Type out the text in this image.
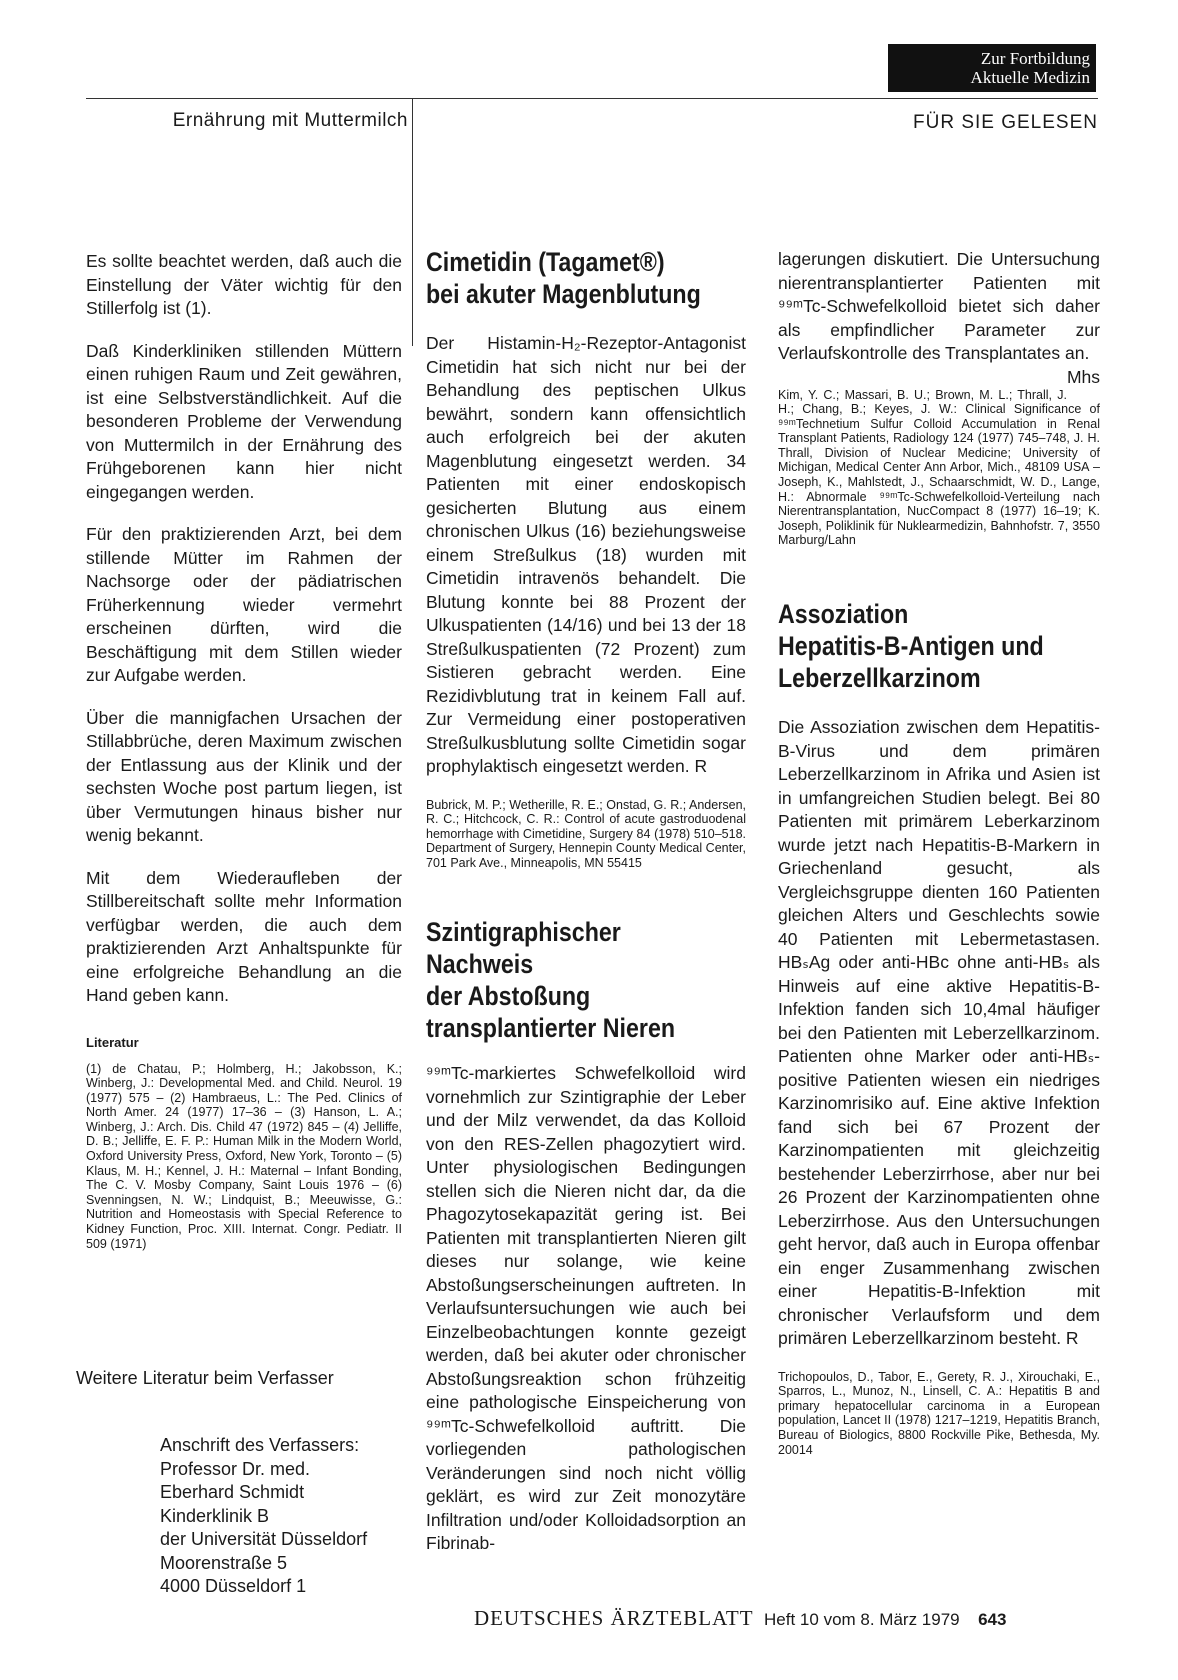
Zur Fortbildung
Aktuelle Medizin
Ernährung mit Muttermilch	FÜR SIE GELESEN

Es sollte beachtet werden, daß auch die Einstellung der Väter wichtig für den Stillerfolg ist (1).

Daß Kinderkliniken stillenden Müttern einen ruhigen Raum und Zeit gewähren, ist eine Selbstverständlichkeit. Auf die besonderen Probleme der Verwendung von Muttermilch in der Ernährung des Frühgeborenen kann hier nicht eingegangen werden.

Für den praktizierenden Arzt, bei dem stillende Mütter im Rahmen der Nachsorge oder der pädiatrischen Früherkennung wieder vermehrt erscheinen dürften, wird die Beschäftigung mit dem Stillen wieder zur Aufgabe werden.

Über die mannigfachen Ursachen der Stillabbrüche, deren Maximum zwischen der Entlassung aus der Klinik und der sechsten Woche post partum liegen, ist über Vermutungen hinaus bisher nur wenig bekannt.

Mit dem Wiederaufleben der Stillbereitschaft sollte mehr Information verfügbar werden, die auch dem praktizierenden Arzt Anhaltspunkte für eine erfolgreiche Behandlung an die Hand geben kann.

Literatur

(1) de Chatau, P.; Holmberg, H.; Jakobsson, K.; Winberg, J.: Developmental Med. and Child. Neurol. 19 (1977) 575 – (2) Hambraeus, L.: The Ped. Clinics of North Amer. 24 (1977) 17–36 – (3) Hanson, L. A.; Winberg, J.: Arch. Dis. Child 47 (1972) 845 – (4) Jelliffe, D. B.; Jelliffe, E. F. P.: Human Milk in the Modern World, Oxford University Press, Oxford, New York, Toronto – (5) Klaus, M. H.; Kennel, J. H.: Maternal – Infant Bonding, The C. V. Mosby Company, Saint Louis 1976 – (6) Svenningsen, N. W.; Lindquist, B.; Meeuwisse, G.: Nutrition and Homeostasis with Special Reference to Kidney Function, Proc. XIII. Internat. Congr. Pediatr. II 509 (1971)

Weitere Literatur beim Verfasser
Anschrift des Verfassers:
Professor Dr. med.
Eberhard Schmidt
Kinderklinik B
der Universität Düsseldorf
Moorenstraße 5
4000 Düsseldorf 1

Cimetidin (Tagamet®)

bei akuter Magenblutung

Der Histamin-H₂-Rezeptor-Antagonist Cimetidin hat sich nicht nur bei der Behandlung des peptischen Ulkus bewährt, sondern kann offensichtlich auch erfolgreich bei der akuten Magenblutung eingesetzt werden. 34 Patienten mit einer endoskopisch gesicherten Blutung aus einem chronischen Ulkus (16) beziehungsweise einem Streßulkus (18) wurden mit Cimetidin intravenös behandelt. Die Blutung konnte bei 88 Prozent der Ulkuspatienten (14/16) und bei 13 der 18 Streßulkuspatienten (72 Prozent) zum Sistieren gebracht werden. Eine Rezidivblutung trat in keinem Fall auf. Zur Vermeidung einer postoperativen Streßulkusblutung sollte Cimetidin sogar prophylaktisch eingesetzt werden. R

Bubrick, M. P.; Wetherille, R. E.; Onstad, G. R.; Andersen, R. C.; Hitchcock, C. R.: Control of acute gastroduodenal hemorrhage with Cimetidine, Surgery 84 (1978) 510–518. Department of Surgery, Hennepin County Medical Center, 701 Park Ave., Minneapolis, MN 55415

Szintigraphischer

Nachweis

der Abstoßung

transplantierter Nieren

⁹⁹ᵐTc-markiertes Schwefelkolloid wird vornehmlich zur Szintigraphie der Leber und der Milz verwendet, da das Kolloid von den RES-Zellen phagozytiert wird. Unter physiologischen Bedingungen stellen sich die Nieren nicht dar, da die Phagozytosekapazität gering ist. Bei Patienten mit transplantierten Nieren gilt dieses nur solange, wie keine Abstoßungserscheinungen auftreten. In Verlaufsuntersuchungen wie auch bei Einzelbeobachtungen konnte gezeigt werden, daß bei akuter oder chronischer Abstoßungsreaktion schon frühzeitig eine pathologische Einspeicherung von ⁹⁹ᵐTc-Schwefelkolloid auftritt. Die vorliegenden pathologischen Veränderungen sind noch nicht völlig geklärt, es wird zur Zeit monozytäre Infiltration und/oder Kolloidadsorption an Fibrinab-

lagerungen diskutiert. Die Untersuchung nierentransplantierter Patienten mit ⁹⁹ᵐTc-Schwefelkolloid bietet sich daher als empfindlicher Parameter zur Verlaufskontrolle des Transplantates an.
Mhs

Kim, Y. C.; Massari, B. U.; Brown, M. L.; Thrall, J. H.; Chang, B.; Keyes, J. W.: Clinical Significance of ⁹⁹ᵐTechnetium Sulfur Colloid Accumulation in Renal Transplant Patients, Radiology 124 (1977) 745–748, J. H. Thrall, Division of Nuclear Medicine; University of Michigan, Medical Center Ann Arbor, Mich., 48109 USA – Joseph, K., Mahlstedt, J., Schaarschmidt, W. D., Lange, H.: Abnormale ⁹⁹ᵐTc-Schwefelkolloid-Verteilung nach Nierentransplantation, NucCompact 8 (1977) 16–19; K. Joseph, Poliklinik für Nuklearmedizin, Bahnhofstr. 7, 3550 Marburg/Lahn

Assoziation

Hepatitis-B-Antigen und

Leberzellkarzinom

Die Assoziation zwischen dem Hepatitis-B-Virus und dem primären Leberzellkarzinom in Afrika und Asien ist in umfangreichen Studien belegt. Bei 80 Patienten mit primärem Leberkarzinom wurde jetzt nach Hepatitis-B-Markern in Griechenland gesucht, als Vergleichsgruppe dienten 160 Patienten gleichen Alters und Geschlechts sowie 40 Patienten mit Lebermetastasen. HBₛAg oder anti-HBc ohne anti-HBₛ als Hinweis auf eine aktive Hepatitis-B-Infektion fanden sich 10,4mal häufiger bei den Patienten mit Leberzellkarzinom. Patienten ohne Marker oder anti-HBₛ-positive Patienten wiesen ein niedriges Karzinomrisiko auf. Eine aktive Infektion fand sich bei 67 Prozent der Karzinompatienten mit gleichzeitig bestehender Leberzirrhose, aber nur bei 26 Prozent der Karzinompatienten ohne Leberzirrhose. Aus den Untersuchungen geht hervor, daß auch in Europa offenbar ein enger Zusammenhang zwischen einer Hepatitis-B-Infektion mit chronischer Verlaufsform und dem primären Leberzellkarzinom besteht. R

Trichopoulos, D., Tabor, E., Gerety, R. J., Xirouchaki, E., Sparros, L., Munoz, N., Linsell, C. A.: Hepatitis B and primary hepatocellular carcinoma in a European population, Lancet II (1978) 1217–1219, Hepatitis Branch, Bureau of Biologics, 8800 Rockville Pike, Bethesda, My. 20014

DEUTSCHES ÄRZTEBLATT Heft 10 vom 8. März 1979 643
